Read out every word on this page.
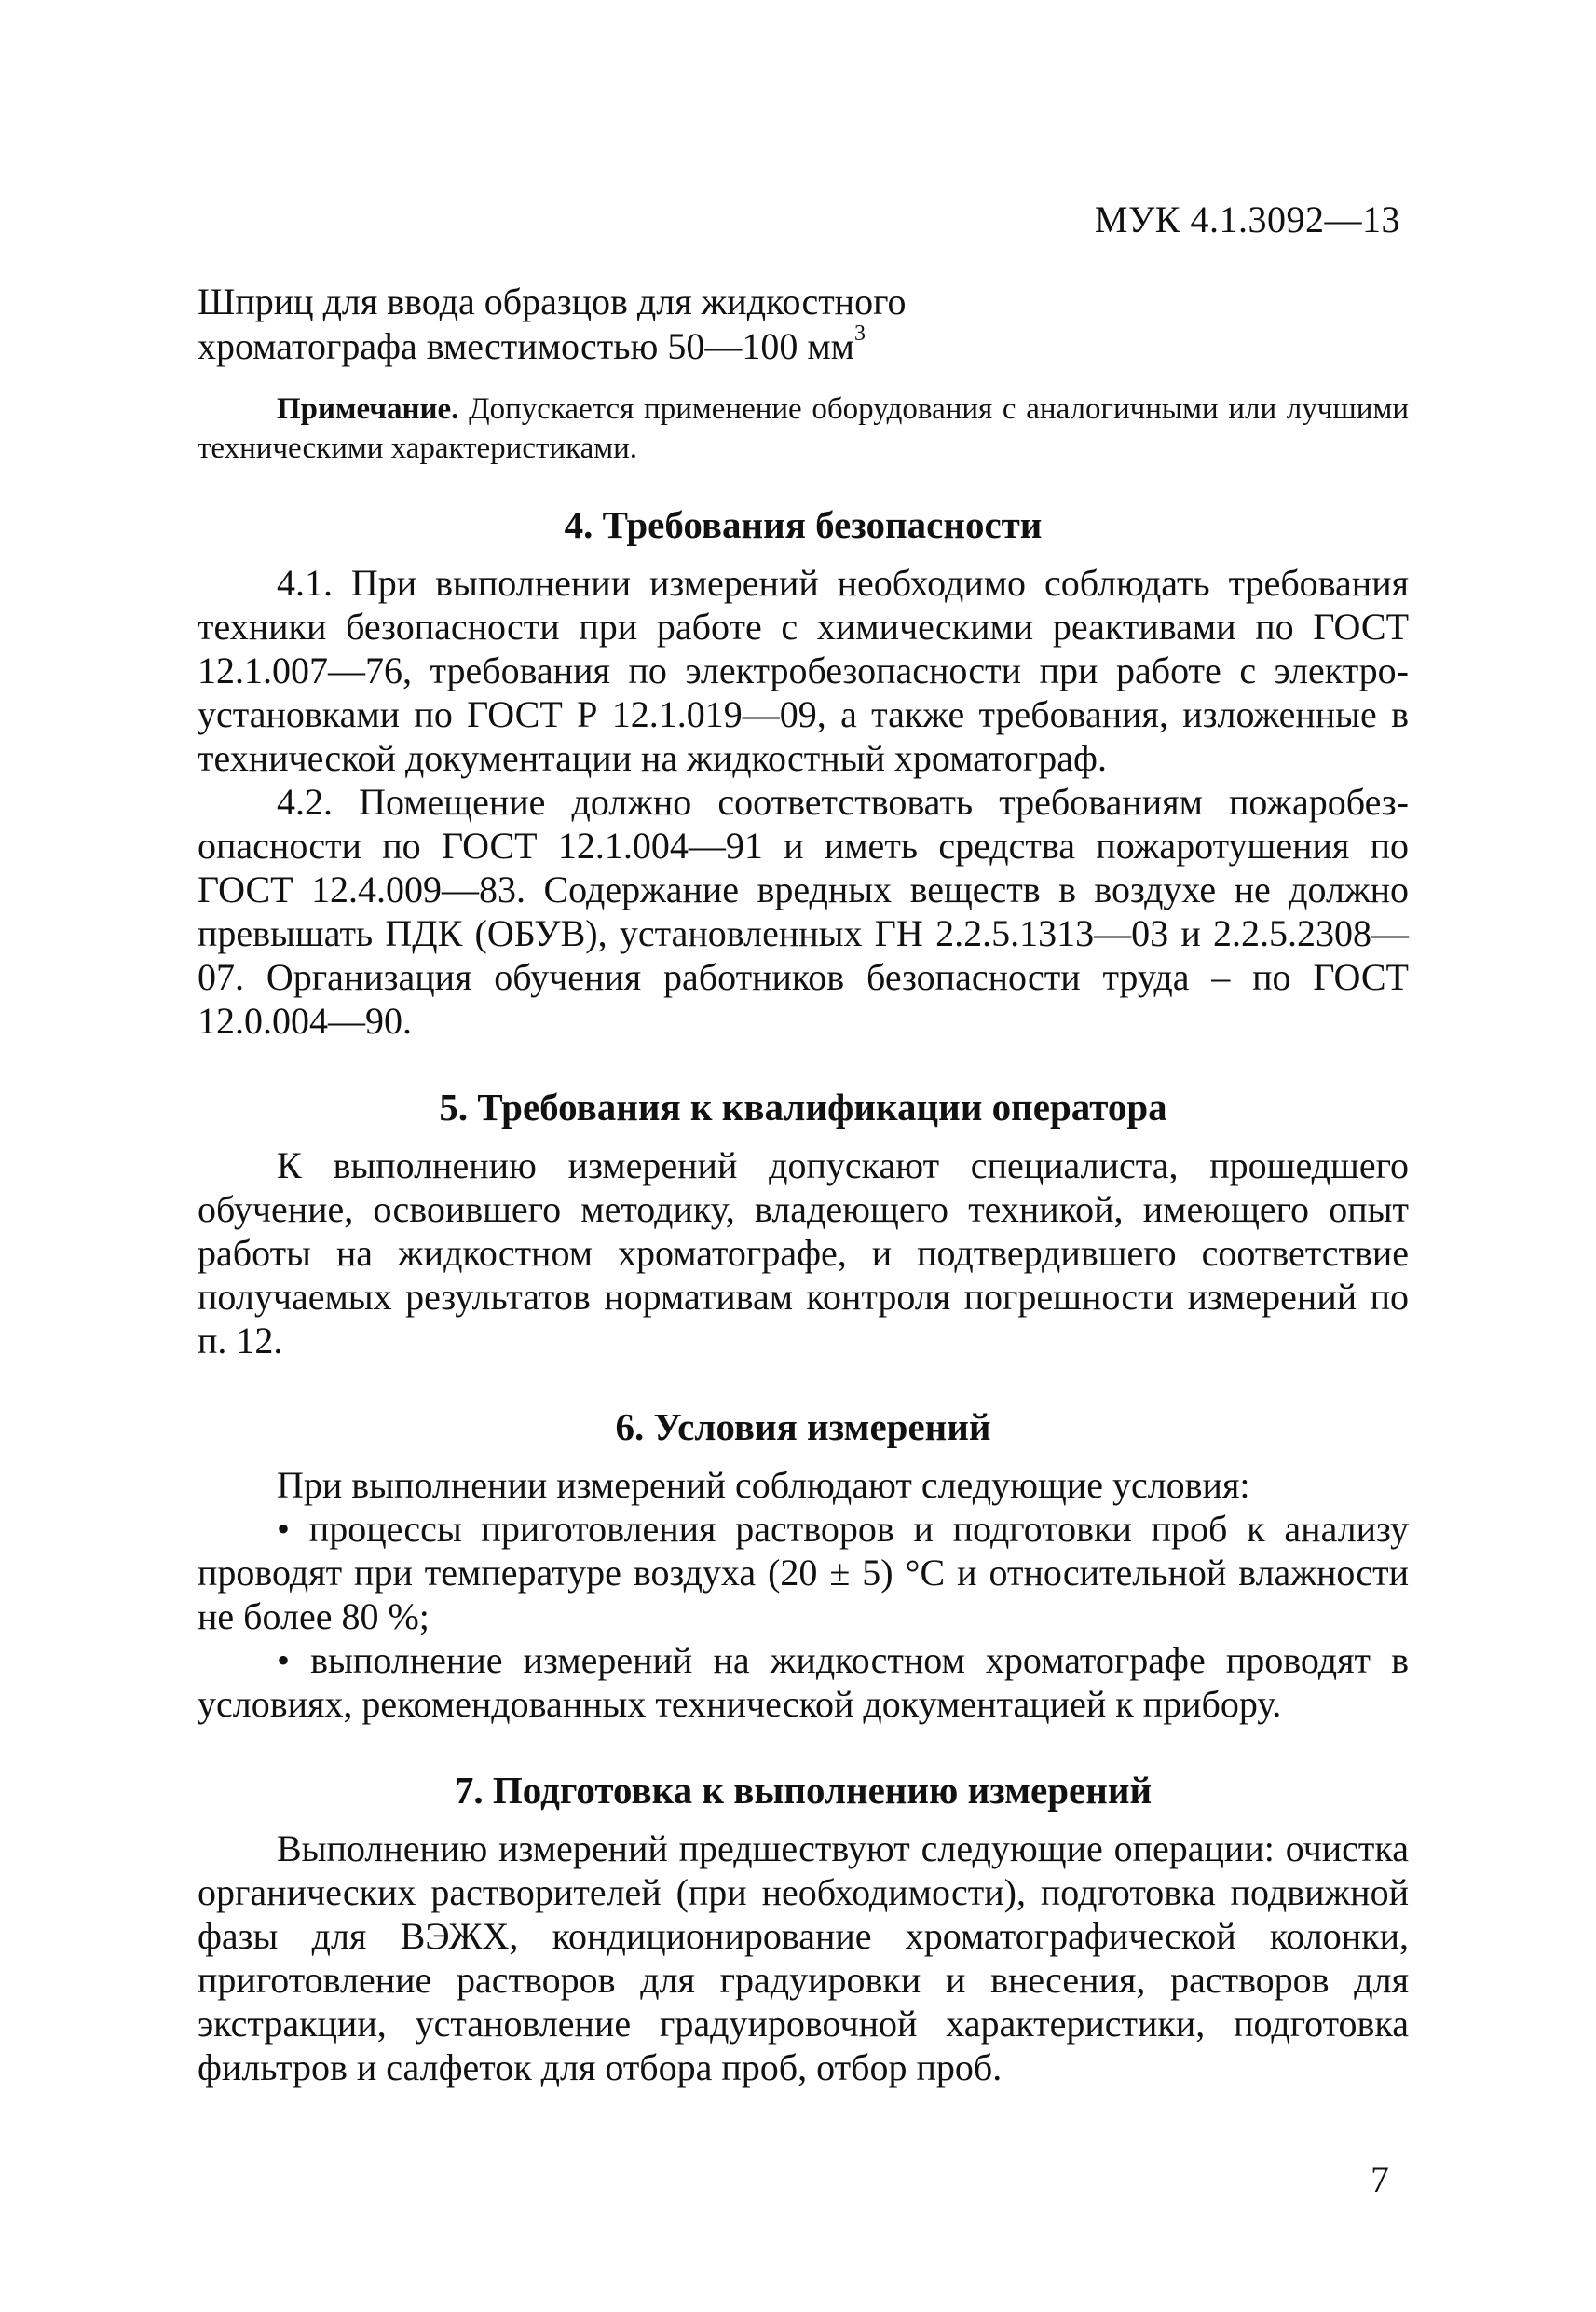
МУК 4.1.3092—13

Шприц для ввода образцов для жидкостного

хроматографа вместимостью 50—100 $мм^3$

Примечание. Допускается применение оборудования с аналогичными или лучшими техническими характеристиками.

4. Требования безопасности

4.1. При выполнении измерений необходимо соблюдать требования техники безопасности при работе с химическими реактивами по ГОСТ 12.1.007—76, требования по электробезопасности при работе с электроустановками по ГОСТ Р 12.1.019—09, а также требования, изложенные в технической документации на жидкостный хроматограф.

4.2. Помещение должно соответствовать требованиям пожаробезопасности по ГОСТ 12.1.004—91 и иметь средства пожаротушения по ГОСТ 12.4.009—83. Содержание вредных веществ в воздухе не должно превышать ПДК (ОБУВ), установленных ГН 2.2.5.1313—03 и 2.2.5.2308—07. Организация обучения работников безопасности труда – по ГОСТ 12.0.004—90.

5. Требования к квалификации оператора

К выполнению измерений допускают специалиста, прошедшего обучение, освоившего методику, владеющего техникой, имеющего опыт работы на жидкостном хроматографе, и подтвердившего соответствие получаемых результатов нормативам контроля погрешности измерений по п. 12.

6. Условия измерений

При выполнении измерений соблюдают следующие условия:

• процессы приготовления растворов и подготовки проб к анализу проводят при температуре воздуха (20 ± 5) °С и относительной влажности не более 80 %;

• выполнение измерений на жидкостном хроматографе проводят в условиях, рекомендованных технической документацией к прибору.

7. Подготовка к выполнению измерений

Выполнению измерений предшествуют следующие операции: очистка органических растворителей (при необходимости), подготовка подвижной фазы для ВЭЖХ, кондиционирование хроматографической колонки, приготовление растворов для градуировки и внесения, растворов для экстракции, установление градуировочной характеристики, подготовка фильтров и салфеток для отбора проб, отбор проб.

7
